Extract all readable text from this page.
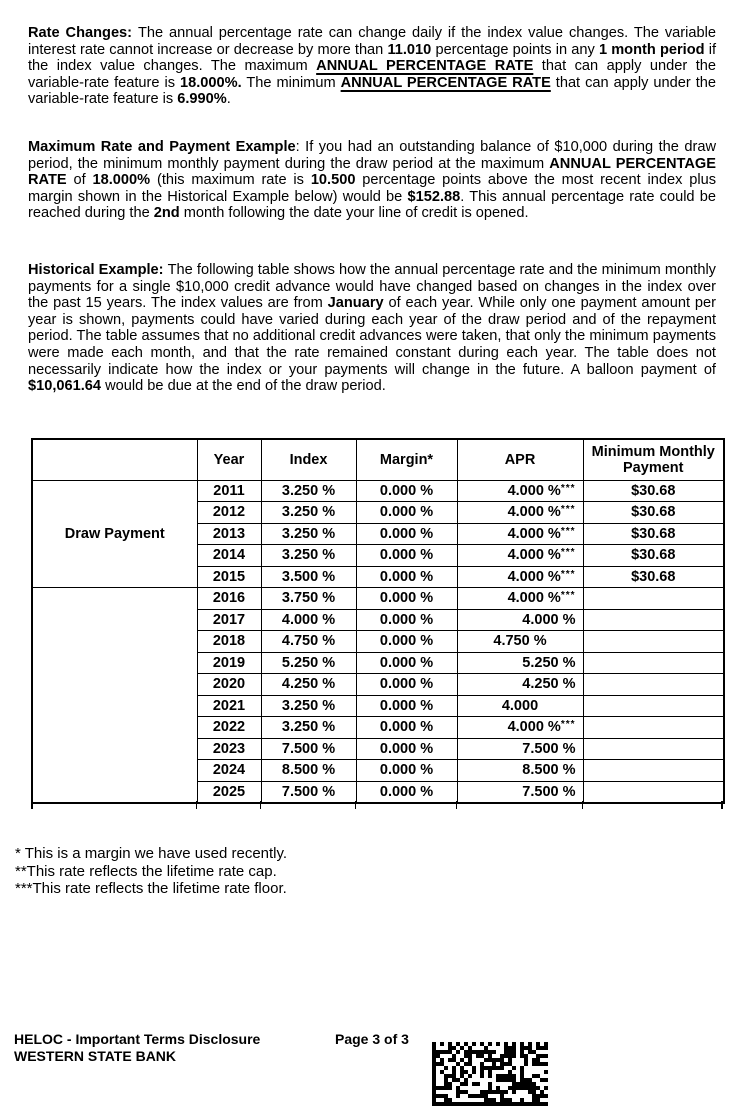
Rate Changes: The annual percentage rate can change daily if the index value changes. The variable interest rate cannot increase or decrease by more than 11.010 percentage points in any 1 month period if the index value changes. The maximum ANNUAL PERCENTAGE RATE that can apply under the variable-rate feature is 18.000%. The minimum ANNUAL PERCENTAGE RATE that can apply under the variable-rate feature is 6.990%.
Maximum Rate and Payment Example: If you had an outstanding balance of $10,000 during the draw period, the minimum monthly payment during the draw period at the maximum ANNUAL PERCENTAGE RATE of 18.000% (this maximum rate is 10.500 percentage points above the most recent index plus margin shown in the Historical Example below) would be $152.88. This annual percentage rate could be reached during the 2nd month following the date your line of credit is opened.
Historical Example: The following table shows how the annual percentage rate and the minimum monthly payments for a single $10,000 credit advance would have changed based on changes in the index over the past 15 years. The index values are from January of each year. While only one payment amount per year is shown, payments could have varied during each year of the draw period and of the repayment period. The table assumes that no additional credit advances were taken, that only the minimum payments were made each month, and that the rate remained constant during each year. The table does not necessarily indicate how the index or your payments will change in the future. A balloon payment of $10,061.64 would be due at the end of the draw period.
	Year	Index	Margin*	APR	Minimum Monthly Payment
Draw Payment	2011	3.250 %	0.000 %	4.000 %***	$30.68
	2012	3.250 %	0.000 %	4.000 %***	$30.68
	2013	3.250 %	0.000 %	4.000 %***	$30.68
	2014	3.250 %	0.000 %	4.000 %***	$30.68
	2015	3.500 %	0.000 %	4.000 %***	$30.68
	2016	3.750 %	0.000 %	4.000 %***	
	2017	4.000 %	0.000 %	4.000 %	
	2018	4.750 %	0.000 %	4.750 %	
	2019	5.250 %	0.000 %	5.250 %	
	2020	4.250 %	0.000 %	4.250 %	
	2021	3.250 %	0.000 %	4.000	
	2022	3.250 %	0.000 %	4.000 %***	
	2023	7.500 %	0.000 %	7.500 %	
	2024	8.500 %	0.000 %	8.500 %	
	2025	7.500 %	0.000 %	7.500 %	
* This is a margin we have used recently.
**This rate reflects the lifetime rate cap.
***This rate reflects the lifetime rate floor.
HELOC - Important Terms Disclosure
WESTERN STATE BANK
Page 3 of 3
